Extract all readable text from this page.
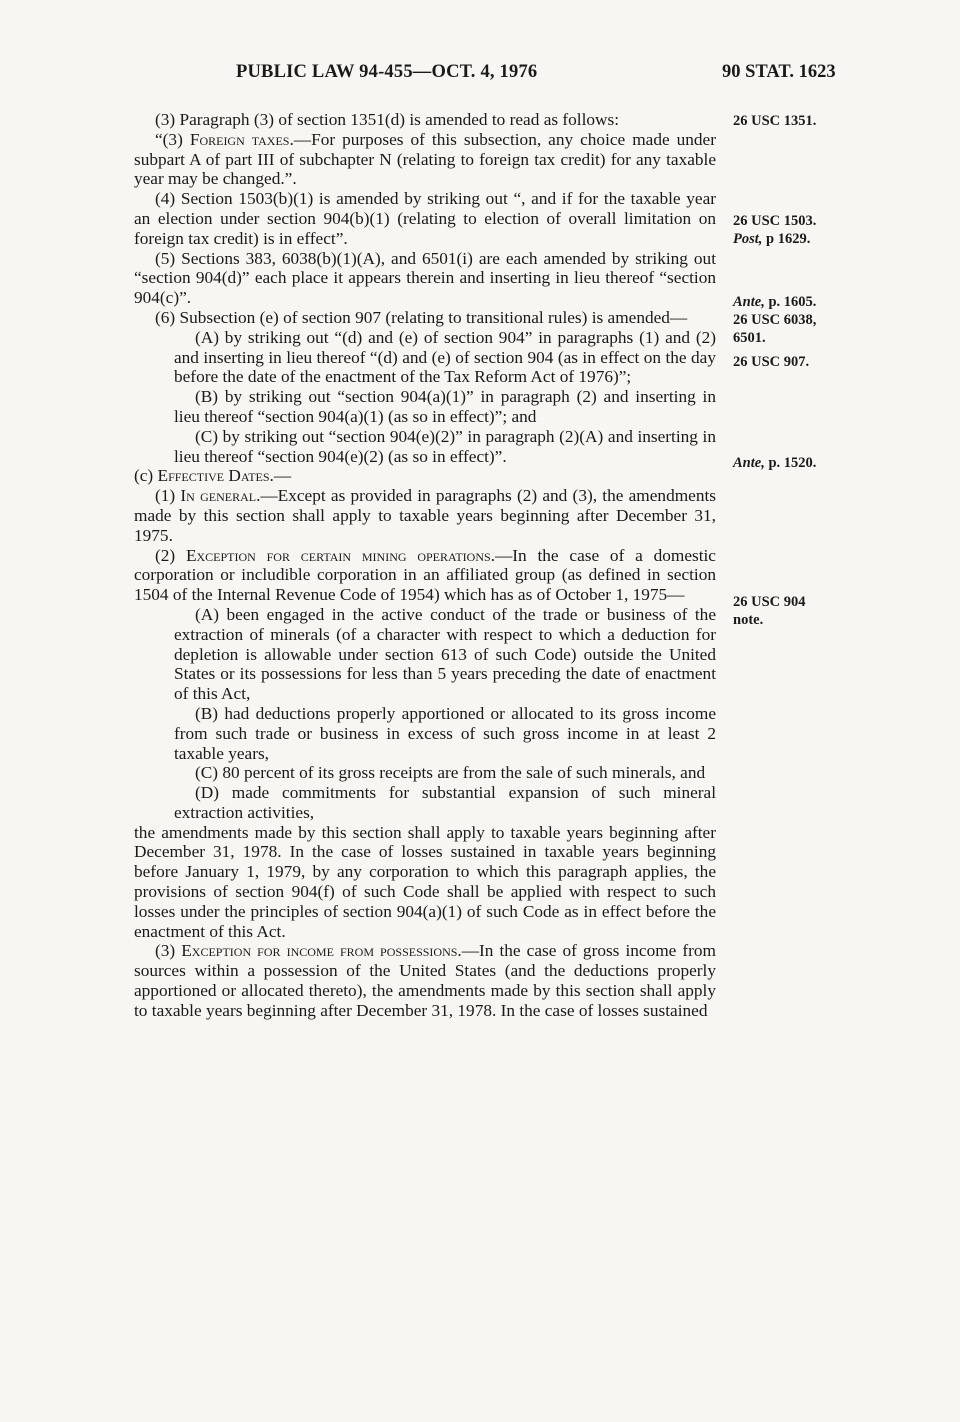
PUBLIC LAW 94-455—OCT. 4, 1976	90 STAT. 1623

(3) Paragraph (3) of section 1351(d) is amended to read as follows:

“(3) Foreign taxes.—For purposes of this subsection, any choice made under subpart A of part III of subchapter N (relating to foreign tax credit) for any taxable year may be changed.”.

(4) Section 1503(b)(1) is amended by striking out “, and if for the taxable year an election under section 904(b)(1) (relating to election of overall limitation on foreign tax credit) is in effect”.

(5) Sections 383, 6038(b)(1)(A), and 6501(i) are each amended by striking out “section 904(d)” each place it appears therein and inserting in lieu thereof “section 904(c)”.

(6) Subsection (e) of section 907 (relating to transitional rules) is amended—

(A) by striking out “(d) and (e) of section 904” in paragraphs (1) and (2) and inserting in lieu thereof “(d) and (e) of section 904 (as in effect on the day before the date of the enactment of the Tax Reform Act of 1976)”;

(B) by striking out “section 904(a)(1)” in paragraph (2) and inserting in lieu thereof “section 904(a)(1) (as so in effect)”; and

(C) by striking out “section 904(e)(2)” in paragraph (2)(A) and inserting in lieu thereof “section 904(e)(2) (as so in effect)”.

(c) Effective Dates.—

(1) In general.—Except as provided in paragraphs (2) and (3), the amendments made by this section shall apply to taxable years beginning after December 31, 1975.

(2) Exception for certain mining operations.—In the case of a domestic corporation or includible corporation in an affiliated group (as defined in section 1504 of the Internal Revenue Code of 1954) which has as of October 1, 1975—

(A) been engaged in the active conduct of the trade or business of the extraction of minerals (of a character with respect to which a deduction for depletion is allowable under section 613 of such Code) outside the United States or its possessions for less than 5 years preceding the date of enactment of this Act,

(B) had deductions properly apportioned or allocated to its gross income from such trade or business in excess of such gross income in at least 2 taxable years,

(C) 80 percent of its gross receipts are from the sale of such minerals, and

(D) made commitments for substantial expansion of such mineral extraction activities,

the amendments made by this section shall apply to taxable years beginning after December 31, 1978. In the case of losses sustained in taxable years beginning before January 1, 1979, by any corporation to which this paragraph applies, the provisions of section 904(f) of such Code shall be applied with respect to such losses under the principles of section 904(a)(1) of such Code as in effect before the enactment of this Act.

(3) Exception for income from possessions.—In the case of gross income from sources within a possession of the United States (and the deductions properly apportioned or allocated thereto), the amendments made by this section shall apply to taxable years beginning after December 31, 1978. In the case of losses sustained

26 USC 1351.
26 USC 1503.
Post, p 1629.
Ante, p. 1605.
26 USC 6038,
6501.
26 USC 907.
Ante, p. 1520.
26 USC 904
note.
